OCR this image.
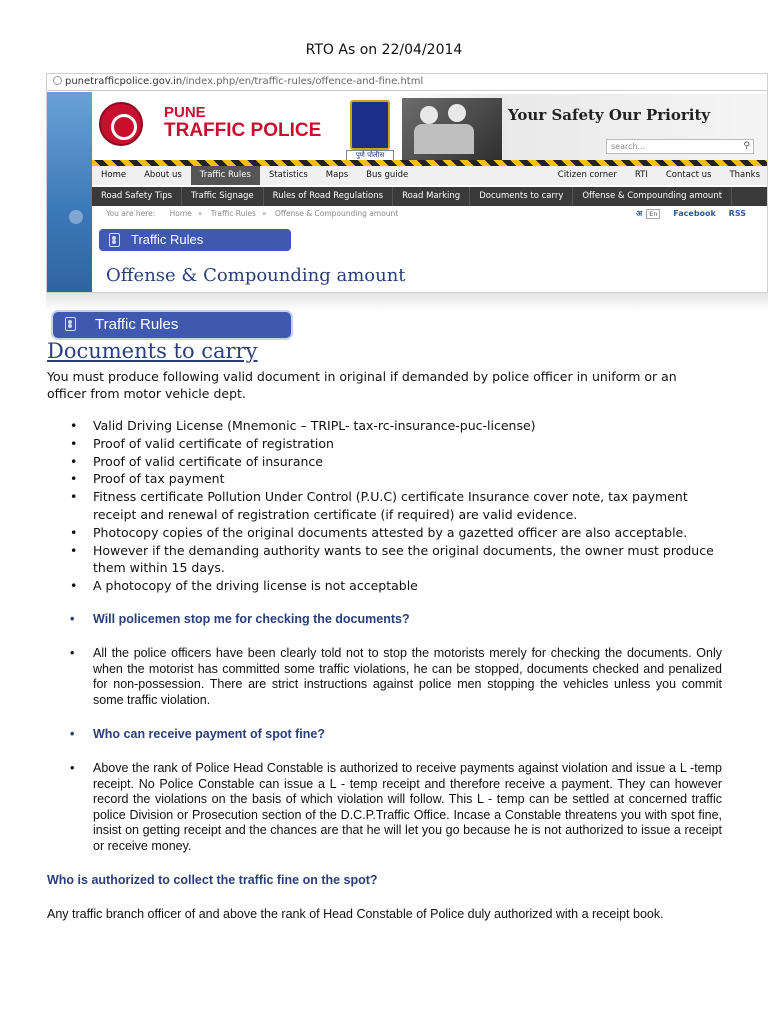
RTO As on 22/04/2014
punetrafficpolice.gov.in/index.php/en/traffic-rules/offence-and-fine.html
PUNE
TRAFFIC POLICE
पुणे पोलीस
Your Safety Our Priority
search...	⚲
Home	About us	Traffic Rules	Statistics	Maps	Bus guide	Citizen corner	RTI	Contact us	Thanks
Road Safety Tips	Traffic Signage	Rules of Road Regulations	Road Marking	Documents to carry	Offense & Compounding amount
You are here: Home » Traffic Rules » Offense & Compounding amount	अ En Facebook RSS
Traffic Rules
Offense & Compounding amount
Traffic Rules
Documents to carry
You must produce following valid document in original if demanded by police officer in uniform or an
officer from motor vehicle dept.
• Valid Driving License (Mnemonic – TRIPL- tax-rc-insurance-puc-license)
• Proof of valid certificate of registration
• Proof of valid certificate of insurance
• Proof of tax payment
• Fitness certificate Pollution Under Control (P.U.C) certificate Insurance cover note, tax payment receipt and renewal of registration certificate (if required) are valid evidence.
• Photocopy copies of the original documents attested by a gazetted officer are also acceptable.
• However if the demanding authority wants to see the original documents, the owner must produce them within 15 days.
• A photocopy of the driving license is not acceptable
• Will policemen stop me for checking the documents?
• All the police officers have been clearly told not to stop the motorists merely for checking the documents. Only when the motorist has committed some traffic violations, he can be stopped, documents checked and penalized for non-possession. There are strict instructions against police men stopping the vehicles unless you commit some traffic violation.
• Who can receive payment of spot fine?
• Above the rank of Police Head Constable is authorized to receive payments against violation and issue a L -temp receipt. No Police Constable can issue a L - temp receipt and therefore receive a payment. They can however record the violations on the basis of which violation will follow. This L - temp can be settled at concerned traffic police Division or Prosecution section of the D.C.P.Traffic Office. Incase a Constable threatens you with spot fine, insist on getting receipt and the chances are that he will let you go because he is not authorized to issue a receipt or receive money.
Who is authorized to collect the traffic fine on the spot?
Any traffic branch officer of and above the rank of Head Constable of Police duly authorized with a receipt book.
